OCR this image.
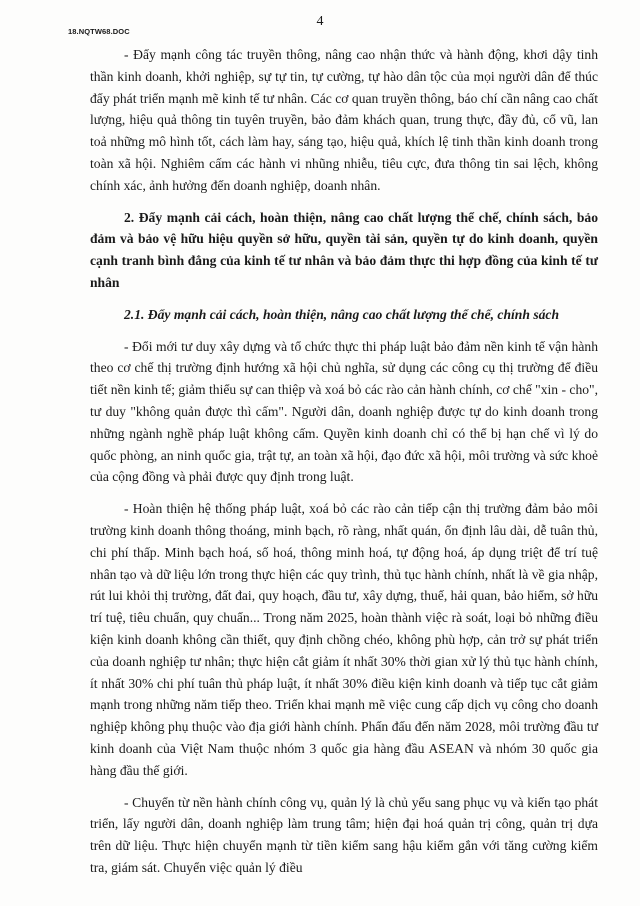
18.NQTW68.DOC
4

- Đẩy mạnh công tác truyền thông, nâng cao nhận thức và hành động, khơi dậy tinh thần kinh doanh, khởi nghiệp, sự tự tin, tự cường, tự hào dân tộc của mọi người dân để thúc đẩy phát triển mạnh mẽ kinh tế tư nhân. Các cơ quan truyền thông, báo chí cần nâng cao chất lượng, hiệu quả thông tin tuyên truyền, bảo đảm khách quan, trung thực, đầy đủ, cổ vũ, lan toả những mô hình tốt, cách làm hay, sáng tạo, hiệu quả, khích lệ tinh thần kinh doanh trong toàn xã hội. Nghiêm cấm các hành vi nhũng nhiễu, tiêu cực, đưa thông tin sai lệch, không chính xác, ảnh hưởng đến doanh nghiệp, doanh nhân.

2. Đẩy mạnh cải cách, hoàn thiện, nâng cao chất lượng thể chế, chính sách, bảo đảm và bảo vệ hữu hiệu quyền sở hữu, quyền tài sản, quyền tự do kinh doanh, quyền cạnh tranh bình đẳng của kinh tế tư nhân và bảo đảm thực thi hợp đồng của kinh tế tư nhân

2.1. Đẩy mạnh cải cách, hoàn thiện, nâng cao chất lượng thể chế, chính sách

- Đổi mới tư duy xây dựng và tổ chức thực thi pháp luật bảo đảm nền kinh tế vận hành theo cơ chế thị trường định hướng xã hội chủ nghĩa, sử dụng các công cụ thị trường để điều tiết nền kinh tế; giảm thiểu sự can thiệp và xoá bỏ các rào cản hành chính, cơ chế "xin - cho", tư duy "không quản được thì cấm". Người dân, doanh nghiệp được tự do kinh doanh trong những ngành nghề pháp luật không cấm. Quyền kinh doanh chỉ có thể bị hạn chế vì lý do quốc phòng, an ninh quốc gia, trật tự, an toàn xã hội, đạo đức xã hội, môi trường và sức khoẻ của cộng đồng và phải được quy định trong luật.

- Hoàn thiện hệ thống pháp luật, xoá bỏ các rào cản tiếp cận thị trường đảm bảo môi trường kinh doanh thông thoáng, minh bạch, rõ ràng, nhất quán, ổn định lâu dài, dễ tuân thủ, chi phí thấp. Minh bạch hoá, số hoá, thông minh hoá, tự động hoá, áp dụng triệt để trí tuệ nhân tạo và dữ liệu lớn trong thực hiện các quy trình, thủ tục hành chính, nhất là về gia nhập, rút lui khỏi thị trường, đất đai, quy hoạch, đầu tư, xây dựng, thuế, hải quan, bảo hiểm, sở hữu trí tuệ, tiêu chuẩn, quy chuẩn... Trong năm 2025, hoàn thành việc rà soát, loại bỏ những điều kiện kinh doanh không cần thiết, quy định chồng chéo, không phù hợp, cản trở sự phát triển của doanh nghiệp tư nhân; thực hiện cắt giảm ít nhất 30% thời gian xử lý thủ tục hành chính, ít nhất 30% chi phí tuân thủ pháp luật, ít nhất 30% điều kiện kinh doanh và tiếp tục cắt giảm mạnh trong những năm tiếp theo. Triển khai mạnh mẽ việc cung cấp dịch vụ công cho doanh nghiệp không phụ thuộc vào địa giới hành chính. Phấn đấu đến năm 2028, môi trường đầu tư kinh doanh của Việt Nam thuộc nhóm 3 quốc gia hàng đầu ASEAN và nhóm 30 quốc gia hàng đầu thế giới.

- Chuyển từ nền hành chính công vụ, quản lý là chủ yếu sang phục vụ và kiến tạo phát triển, lấy người dân, doanh nghiệp làm trung tâm; hiện đại hoá quản trị công, quản trị dựa trên dữ liệu. Thực hiện chuyển mạnh từ tiền kiểm sang hậu kiểm gắn với tăng cường kiểm tra, giám sát. Chuyển việc quản lý điều
